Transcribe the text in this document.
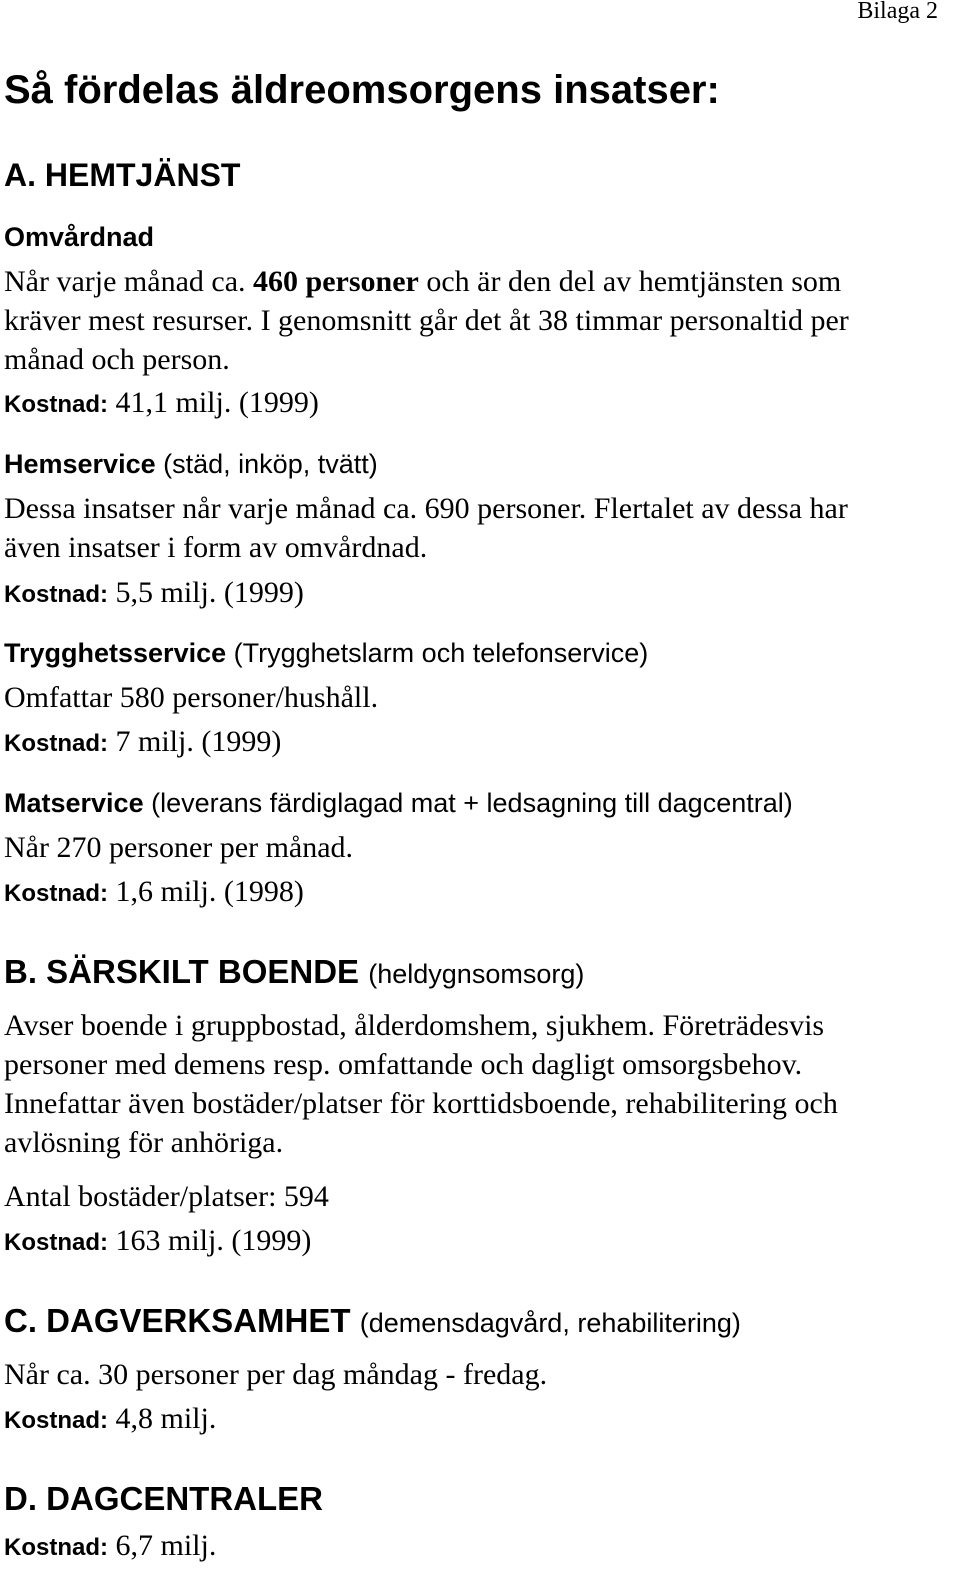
Bilaga 2
Så fördelas äldreomsorgens insatser:
A. HEMTJÄNST
Omvårdnad
Når varje månad ca. 460 personer och är den del av hemtjänsten som
kräver mest resurser. I genomsnitt går det åt 38 timmar personaltid per
månad och person.
Kostnad: 41,1 milj. (1999)
Hemservice (städ, inköp, tvätt)
Dessa insatser når varje månad ca. 690 personer. Flertalet av dessa har
även insatser i form av omvårdnad.
Kostnad: 5,5 milj. (1999)
Trygghetsservice (Trygghetslarm och telefonservice)
Omfattar 580 personer/hushåll.
Kostnad: 7 milj. (1999)
Matservice (leverans färdiglagad mat + ledsagning till dagcentral)
Når 270 personer per månad.
Kostnad: 1,6 milj. (1998)
B. SÄRSKILT BOENDE (heldygnsomsorg)
Avser boende i gruppbostad, ålderdomshem, sjukhem. Företrädesvis
personer med demens resp. omfattande och dagligt omsorgsbehov.
Innefattar även bostäder/platser för korttidsboende, rehabilitering och
avlösning för anhöriga.
Antal bostäder/platser: 594
Kostnad: 163 milj. (1999)
C. DAGVERKSAMHET (demensdagvård, rehabilitering)
Når ca. 30 personer per dag måndag - fredag.
Kostnad: 4,8 milj.
D. DAGCENTRALER
Kostnad: 6,7 milj.
